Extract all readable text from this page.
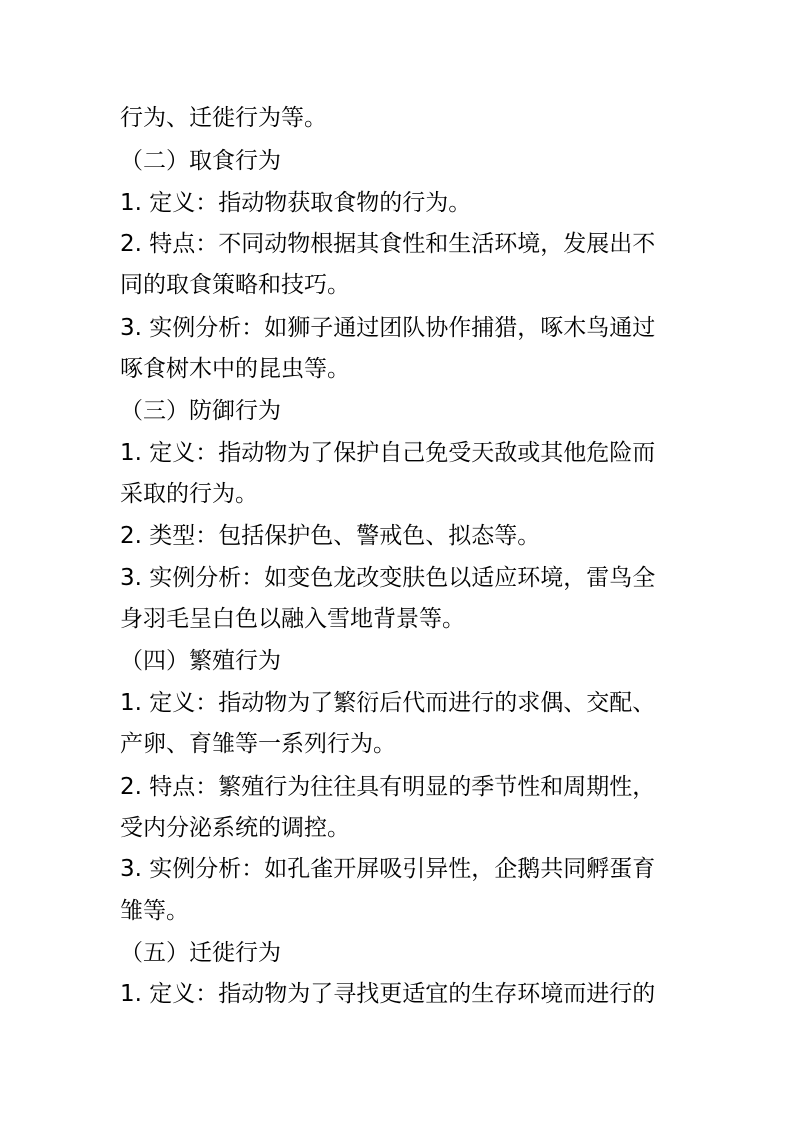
行为、迁徙行为等。
（二）取食行为
1. 定义：指动物获取食物的行为。
2. 特点：不同动物根据其食性和生活环境，发展出不
同的取食策略和技巧。
3. 实例分析：如狮子通过团队协作捕猎，啄木鸟通过
啄食树木中的昆虫等。
（三）防御行为
1. 定义：指动物为了保护自己免受天敌或其他危险而
采取的行为。
2. 类型：包括保护色、警戒色、拟态等。
3. 实例分析：如变色龙改变肤色以适应环境，雷鸟全
身羽毛呈白色以融入雪地背景等。
（四）繁殖行为
1. 定义：指动物为了繁衍后代而进行的求偶、交配、
产卵、育雏等一系列行为。
2. 特点：繁殖行为往往具有明显的季节性和周期性，
受内分泌系统的调控。
3. 实例分析：如孔雀开屏吸引异性，企鹅共同孵蛋育
雏等。
（五）迁徙行为
1. 定义：指动物为了寻找更适宜的生存环境而进行的
